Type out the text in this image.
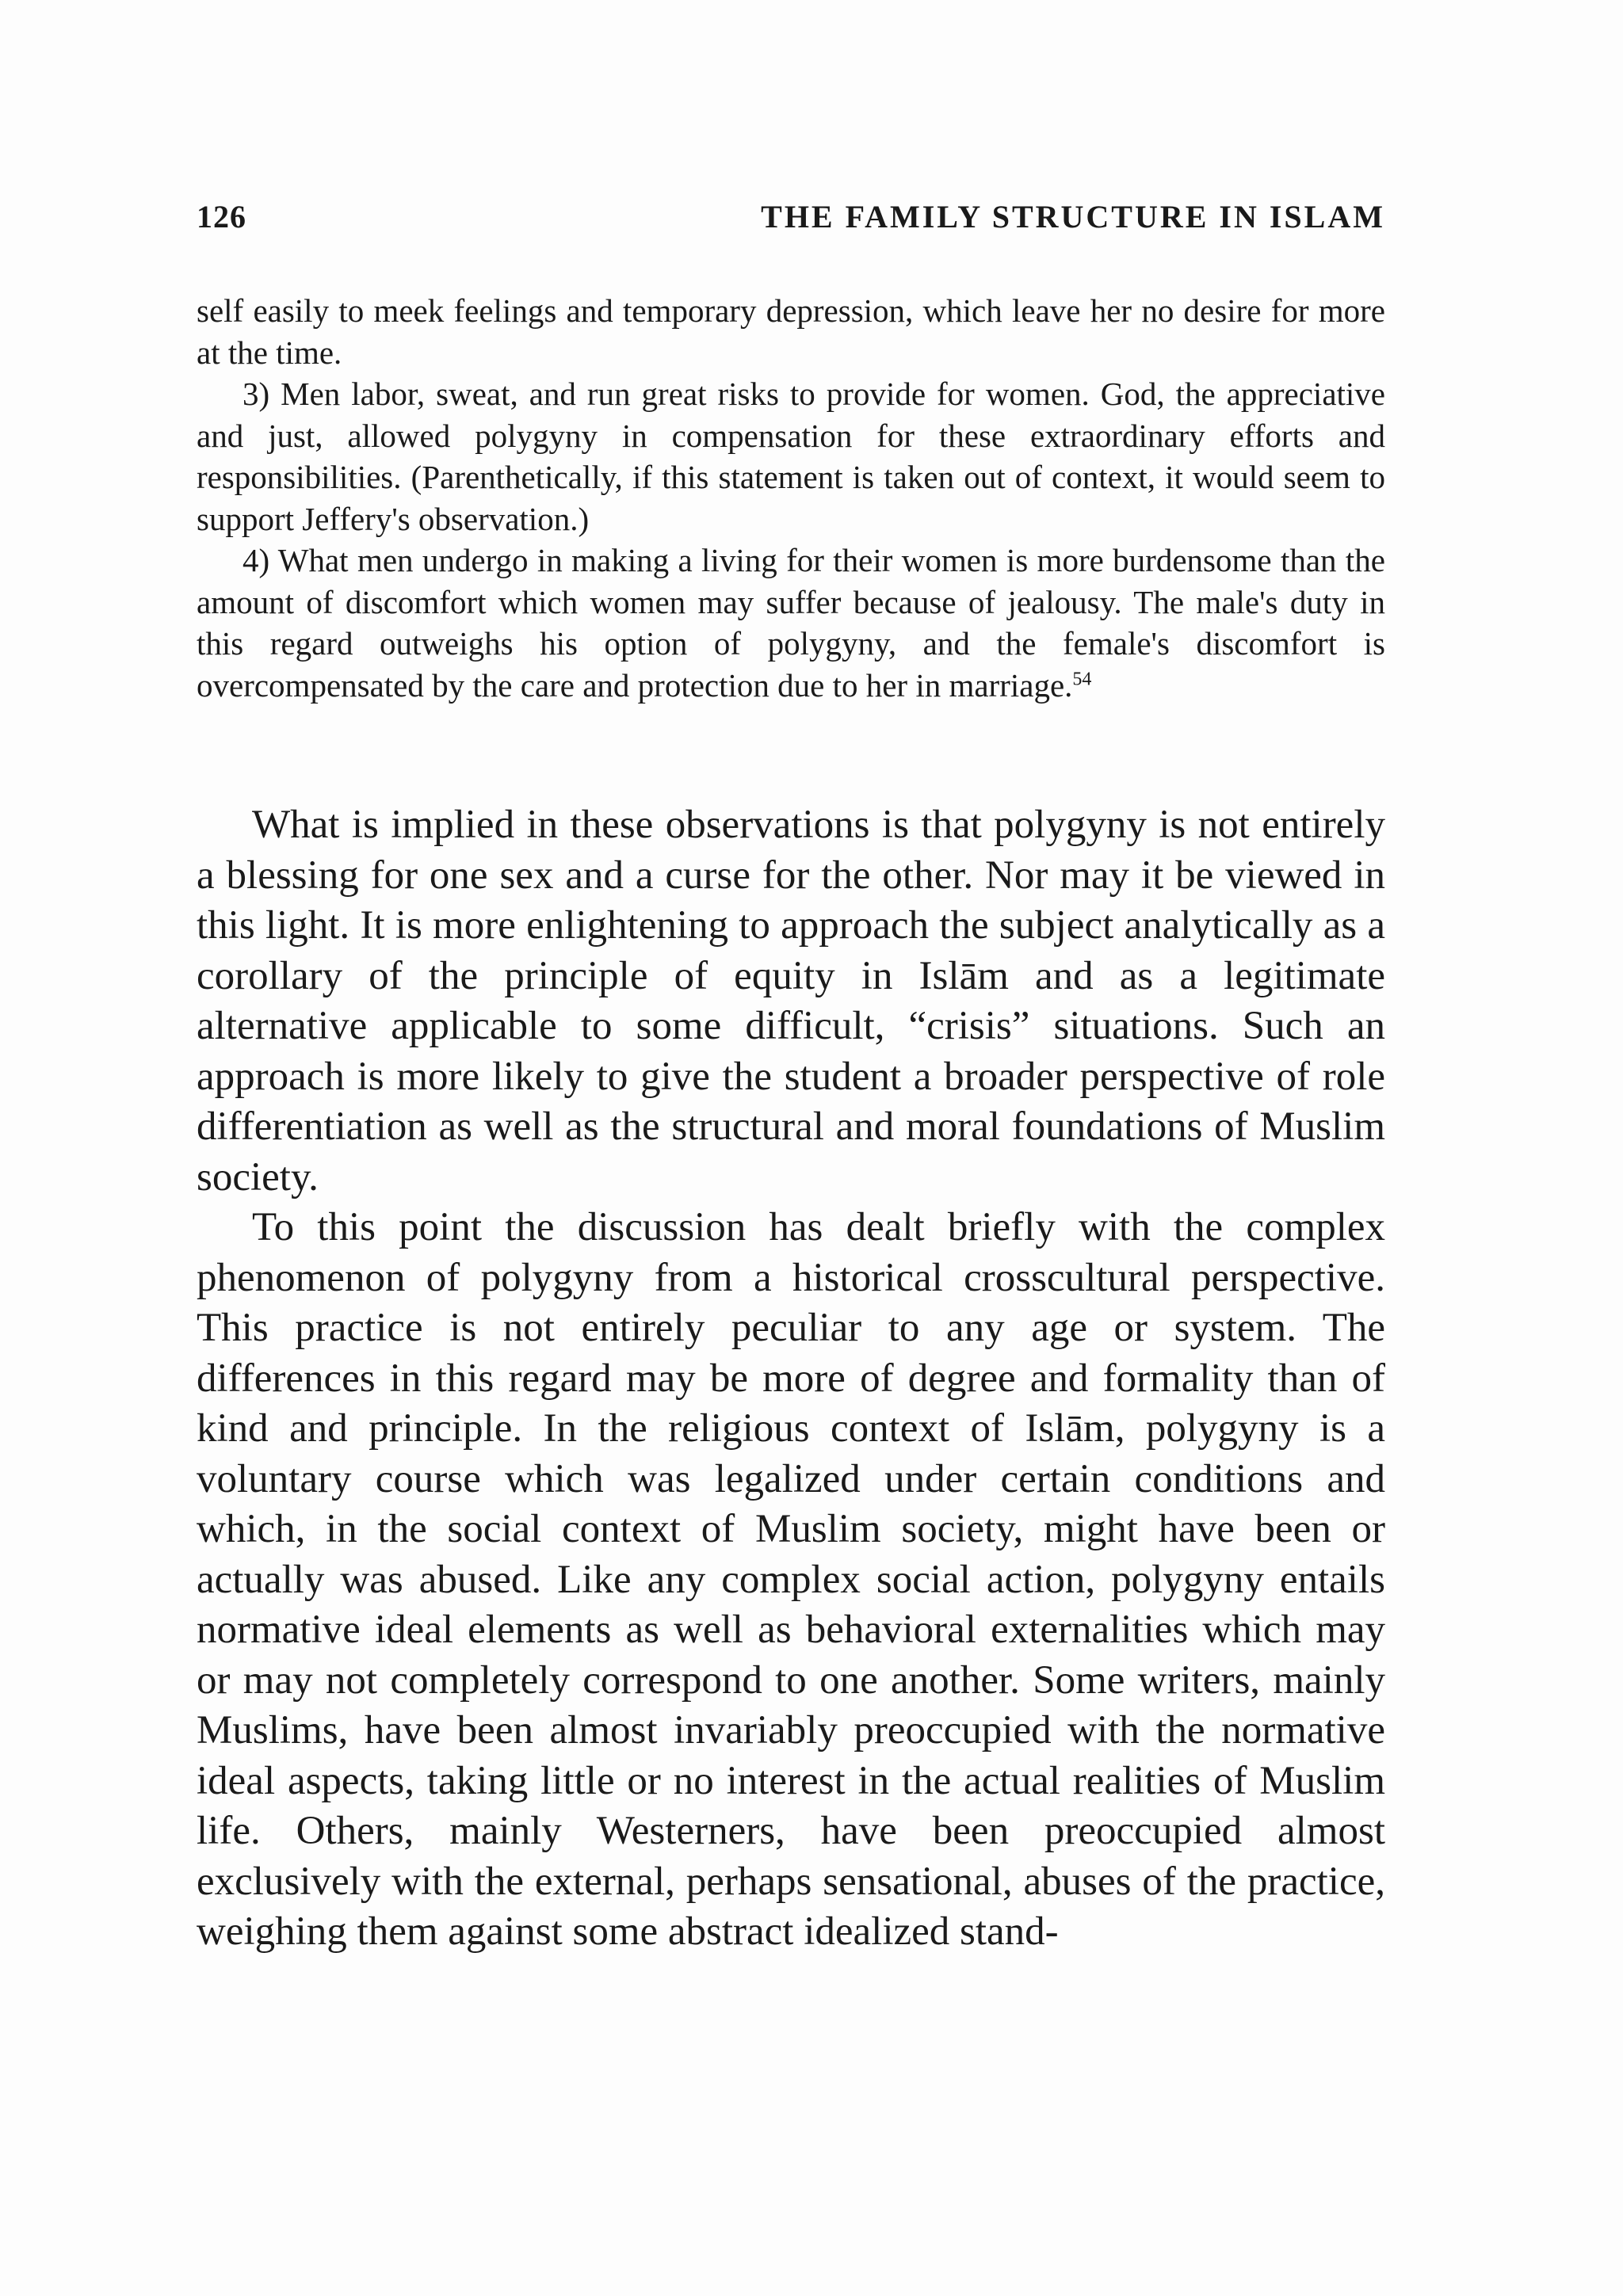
126	THE FAMILY STRUCTURE IN ISLAM

self easily to meek feelings and temporary depression, which leave her no desire for more at the time.

3) Men labor, sweat, and run great risks to provide for women. God, the appreciative and just, allowed polygyny in compensation for these extraordinary efforts and responsibilities. (Parenthetically, if this statement is taken out of context, it would seem to support Jeffery's observation.)

4) What men undergo in making a living for their women is more burdensome than the amount of discomfort which women may suffer because of jealousy. The male's duty in this regard outweighs his option of polygyny, and the female's discomfort is overcompensated by the care and protection due to her in marriage.$^{54}$

What is implied in these observations is that polygyny is not entirely a blessing for one sex and a curse for the other. Nor may it be viewed in this light. It is more enlightening to approach the subject analytically as a corollary of the principle of equity in Islām and as a legitimate alternative applicable to some difficult, “crisis” situations. Such an approach is more likely to give the student a broader perspective of role differentiation as well as the structural and moral foundations of Muslim society.

To this point the discussion has dealt briefly with the complex phenomenon of polygyny from a historical crosscultural perspective. This practice is not entirely peculiar to any age or system. The differences in this regard may be more of degree and formality than of kind and principle. In the religious context of Islām, polygyny is a voluntary course which was legalized under certain conditions and which, in the social context of Muslim society, might have been or actually was abused. Like any complex social action, polygyny entails normative ideal elements as well as behavioral externalities which may or may not completely correspond to one another. Some writers, mainly Muslims, have been almost invariably preoccupied with the normative ideal aspects, taking little or no interest in the actual realities of Muslim life. Others, mainly Westerners, have been preoccupied almost exclusively with the external, perhaps sensational, abuses of the practice, weighing them against some abstract idealized stand-
